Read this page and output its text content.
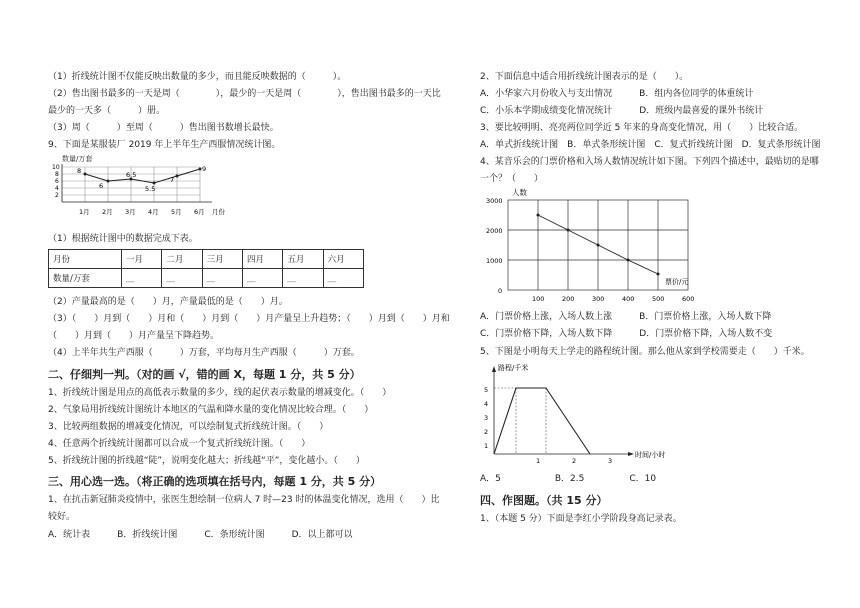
（1）折线统计图不仅能反映出数量的多少，而且能反映数据的（　　　）。
（2）售出图书最多的一天是周（　　　　），最少的一天是周（　　　　），售出图书最多的一天比
最少的一天多（　　　）册。
（3）周（　　　）至周（　　　）售出图书数增长最快。
9、下面是某服装厂 2019 年上半年生产西服情况统计图。
数量/万套
2
4
6
8
10	8
6
6.5
5.5
7
9
1月 2月 3月 4月 5月 6月 月份
（1）根据统计图中的数据完成下表。
月份	一月	二月	三月	四月	五月	六月
数量/万套	__	__	__	__	__	__
（2）产量最高的是（　　）月，产量最低的是（　　）月。
（3）（　　）月到（　　）月和（　　）月到（　　）月产量呈上升趋势；（　　）月到（　　）月和
（　　）月到（　　）月产量呈下降趋势。
（4）上半年共生产西服（　　　）万套，平均每月生产西服（　　　）万套。
二、仔细判一判。（对的画 √，错的画 X，每题 1 分，共 5 分）
1、折线统计图是用点的高低表示数量的多少，线的起伏表示数量的增减变化。（　　）
2、气象局用折线统计图统计本地区的气温和降水量的变化情况比较合理。（　　）
3、比较两组数据的增减变化情况，可以绘制复式折线统计图。（　　）
4、任意两个折线统计图都可以合成一个复式折线统计图。（　　）
5、折线统计图的折线越“陡”，说明变化越大；折线越“平”，变化越小。（　　）
三、用心选一选。（将正确的选项填在括号内，每题 1 分，共 5 分）
1、在抗击新冠肺炎疫情中，张医生想绘制一位病人 7 时—23 时的体温变化情况，选用（　　）比
较好。
A．统计表　　　B．折线统计图　　　C．条形统计图　　　D．以上都可以
2、下面信息中适合用折线统计图表示的是（　　）。
A．小华家六月份收入与支出情况　　　B．组内各位同学的体重统计
C．小乐本学期成绩变化情况统计　　　D．班级内最喜爱的课外书统计
3、要比较明明、亮亮两位同学近 5 年来的身高变化情况，用（　　）比较合适。
A．单式折线统计图　B．单式条形统计图　C．复式折线统计图　D．复式条形统计图
4、某音乐会的门票价格和入场人数情况统计如下图。下列四个描述中，最贴切的是哪
一个？（　　）
人数
0
1000
2000
3000
票价/元
100	200	300	400	500	600
A．门票价格上涨，入场人数上涨　　　B．门票价格上涨，入场人数下降
C．门票价格下降，入场人数下降　　　D．门票价格下降，入场人数不变
5、下图是小明每天上学走的路程统计图。那么他从家到学校需要走（　　）千米。
路程/千米
5
4
3
2
1
1	2	3
时间/小时
A．5　　　　　　B．2.5　　　　　C．10
四、作图题。（共 15 分）
1、（本题 5 分）下面是李红小学阶段身高记录表。
